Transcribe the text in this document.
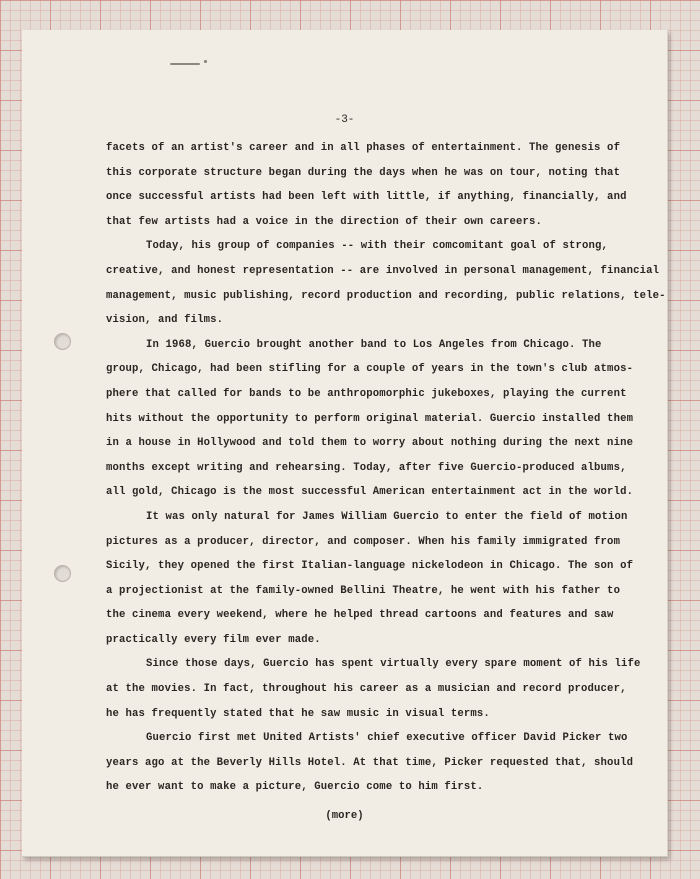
-3-
facets of an artist's career and in all phases of entertainment. The genesis of
this corporate structure began during the days when he was on tour, noting that
once successful artists had been left with little, if anything, financially, and
that few artists had a voice in the direction of their own careers.
Today, his group of companies -- with their comcomitant goal of strong,
creative, and honest representation -- are involved in personal management, financial
management, music publishing, record production and recording, public relations, tele-
vision, and films.
In 1968, Guercio brought another band to Los Angeles from Chicago. The
group, Chicago, had been stifling for a couple of years in the town's club atmos-
phere that called for bands to be anthropomorphic jukeboxes, playing the current
hits without the opportunity to perform original material. Guercio installed them
in a house in Hollywood and told them to worry about nothing during the next nine
months except writing and rehearsing. Today, after five Guercio-produced albums,
all gold, Chicago is the most successful American entertainment act in the world.
It was only natural for James William Guercio to enter the field of motion
pictures as a producer, director, and composer. When his family immigrated from
Sicily, they opened the first Italian-language nickelodeon in Chicago. The son of
a projectionist at the family-owned Bellini Theatre, he went with his father to
the cinema every weekend, where he helped thread cartoons and features and saw
practically every film ever made.
Since those days, Guercio has spent virtually every spare moment of his life
at the movies. In fact, throughout his career as a musician and record producer,
he has frequently stated that he saw music in visual terms.
Guercio first met United Artists' chief executive officer David Picker two
years ago at the Beverly Hills Hotel. At that time, Picker requested that, should
he ever want to make a picture, Guercio come to him first.
(more)
